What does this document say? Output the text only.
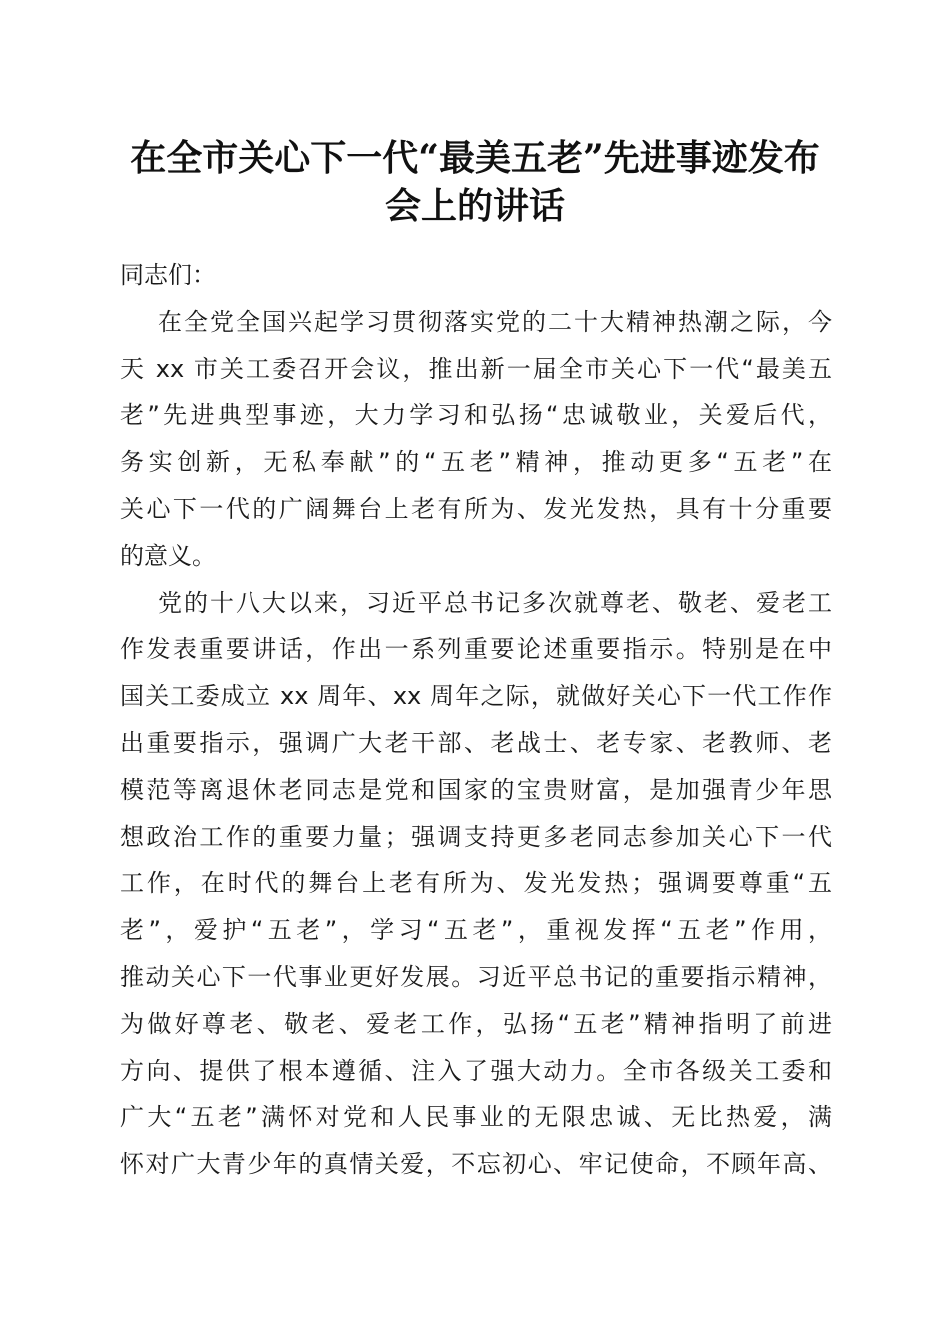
在全市关心下一代“最美五老”先进事迹发布
会上的讲话
同志们：
在全党全国兴起学习贯彻落实党的二十大精神热潮之际，今
天 xx 市关工委召开会议，推出新一届全市关心下一代“最美五
老”先进典型事迹，大力学习和弘扬“忠诚敬业，关爱后代，
务实创新，无私奉献”的“五老”精神，推动更多“五老”在
关心下一代的广阔舞台上老有所为、发光发热，具有十分重要
的意义。
党的十八大以来，习近平总书记多次就尊老、敬老、爱老工
作发表重要讲话，作出一系列重要论述重要指示。特别是在中
国关工委成立 xx 周年、xx 周年之际，就做好关心下一代工作作
出重要指示，强调广大老干部、老战士、老专家、老教师、老
模范等离退休老同志是党和国家的宝贵财富，是加强青少年思
想政治工作的重要力量；强调支持更多老同志参加关心下一代
工作，在时代的舞台上老有所为、发光发热；强调要尊重“五
老”，爱护“五老”，学习“五老”，重视发挥“五老”作用，
推动关心下一代事业更好发展。习近平总书记的重要指示精神，
为做好尊老、敬老、爱老工作，弘扬“五老”精神指明了前进
方向、提供了根本遵循、注入了强大动力。全市各级关工委和
广大“五老”满怀对党和人民事业的无限忠诚、无比热爱，满
怀对广大青少年的真情关爱，不忘初心、牢记使命，不顾年高、
